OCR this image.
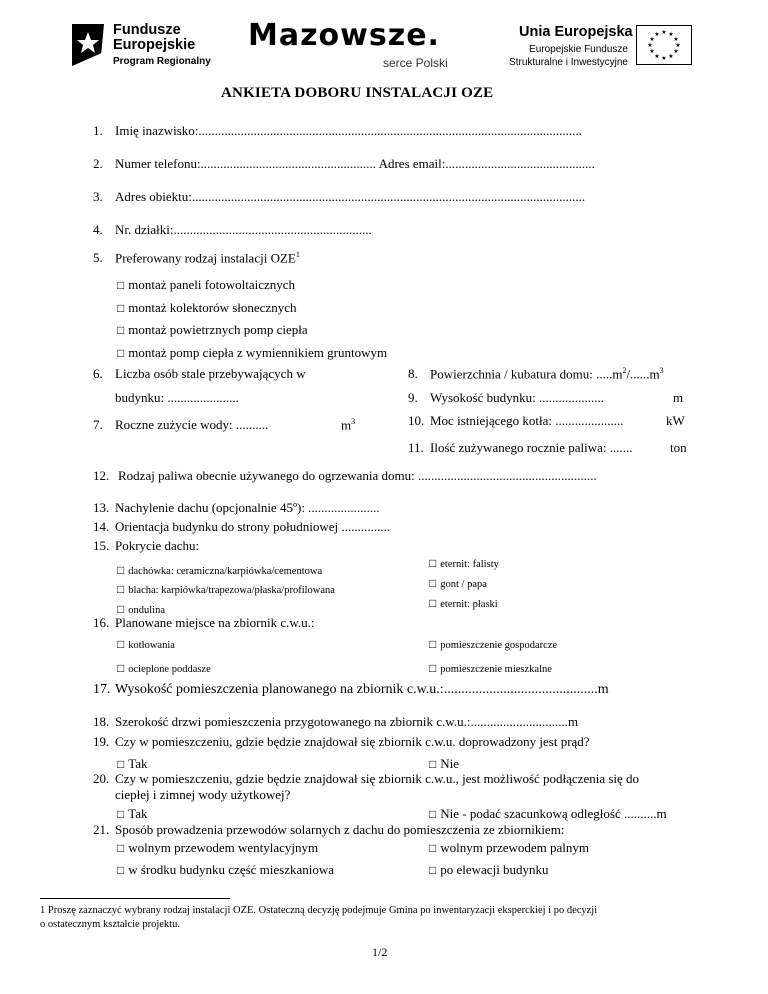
Fundusze
Europejskie
Program Regionalny
Mazowsze.
serce Polski
Unia Europejska
Europejskie Fundusze
Strukturalne i Inwestycyjne
★ ★
★
★
★
★
★
★
★
★
★
★
ANKIETA DOBORU INSTALACJI OZE
1. Imię inazwisko:......................................................................................................................
2. Numer telefonu:...................................................... Adres email:..............................................
3. Adres obiektu:.........................................................................................................................
4. Nr. działki:.............................................................
5. Preferowany rodzaj instalacji OZE$^1$
□ montaż paneli fotowoltaicznych
□ montaż kolektorów słonecznych
□ montaż powietrznych pomp ciepła
□ montaż pomp ciepła z wymiennikiem gruntowym
6. Liczba osób stale przebywających w
budynku: ......................
7. Roczne zużycie wody: ..........	$m^3$
8. Powierzchnia / kubatura domu: $.....m^2/......m^3$
9. Wysokość budynku: ....................	m
10. Moc istniejącego kotła: .....................	kW
11. Ilość zużywanego rocznie paliwa: .......	ton
12. Rodzaj paliwa obecnie używanego do ogrzewania domu: .......................................................
13. Nachylenie dachu (opcjonalnie 45º): ......................
14. Orientacja budynku do strony południowej ...............
15. Pokrycie dachu:
□ dachówka: ceramiczna/karpiówka/cementowa
□ blacha: karpiówka/trapezowa/płaska/profilowana
□ ondulina
□ eternit: falisty
□ gont / papa
□ eternit: płaski
16. Planowane miejsce na zbiornik c.w.u.:
□ kotłowania
□ ocieplone poddasze
□ pomieszczenie gospodarcze
□ pomieszczenie mieszkalne
17. Wysokość pomieszczenia planowanego na zbiornik c.w.u.:............................................m
18. Szerokość drzwi pomieszczenia przygotowanego na zbiornik c.w.u.:..............................m
19. Czy w pomieszczeniu, gdzie będzie znajdował się zbiornik c.w.u. doprowadzony jest prąd?
□ Tak	□ Nie
20. Czy w pomieszczeniu, gdzie będzie znajdował się zbiornik c.w.u., jest możliwość podłączenia się do
ciepłej i zimnej wody użytkowej?
□ Tak	□ Nie - podać szacunkową odległość ..........m
21. Sposób prowadzenia przewodów solarnych z dachu do pomieszczenia ze zbiornikiem:
□ wolnym przewodem wentylacyjnym
□ w środku budynku część mieszkaniowa
□ wolnym przewodem palnym
□ po elewacji budynku
1 Proszę zaznaczyć wybrany rodzaj instalacji OZE. Ostateczną decyzję podejmuje Gmina po inwentaryzacji eksperckiej i po decyzji
o ostatecznym kształcie projektu.
1/2
